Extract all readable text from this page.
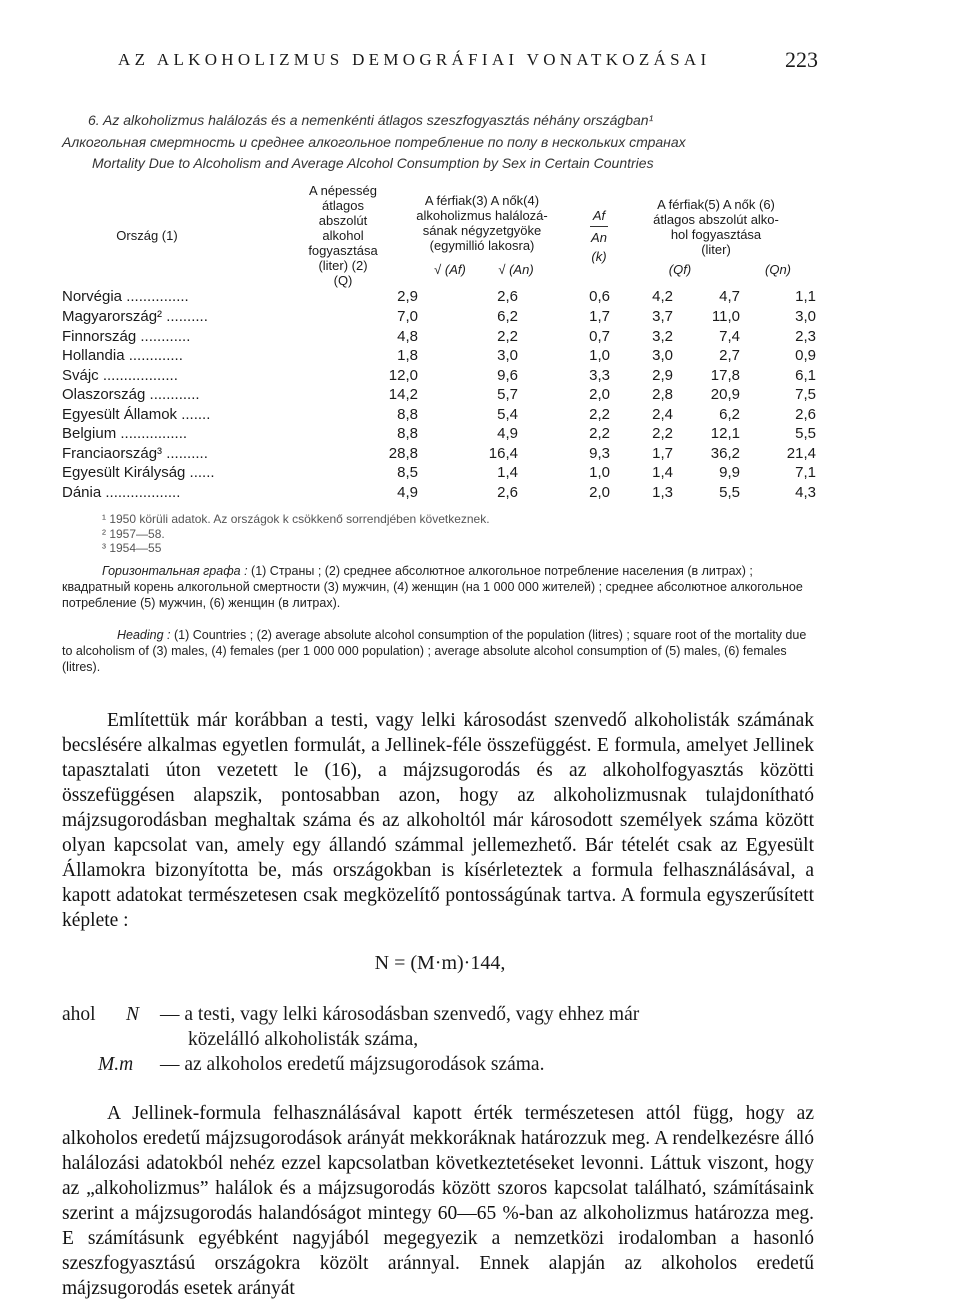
AZ ALKOHOLIZMUS DEMOGRÁFIAI VONATKOZÁSAI	223
6. Az alkoholizmus halálozás és a nemenkénti átlagos szeszfogyasztás néhány országban¹
Алкогольная смертность и среднее алкогольное потребление по полу в нескольких странах
Mortality Due to Alcoholism and Average Alcohol Consumption by Sex in Certain Countries
Ország (1)
A népesség
átlagos
abszolút
alkohol
fogyasztása
(liter) (2)
(Q)
A férfiak(3) A nők(4)
alkoholizmus halálozá-
sának négyzetgyöke
(egymillió lakosra)
√ (Af)	√ (An)
Af
An
(k)
A férfiak(5) A nők (6)
átlagos abszolút alko-
hol fogyasztása
(liter)
(Qf)	(Qn)
Norvégia ...............	2,9	2,6	0,6	4,2	4,7	1,1
Magyarország² ..........	7,0	6,2	1,7	3,7	11,0	3,0
Finnország ............	4,8	2,2	0,7	3,2	7,4	2,3
Hollandia .............	1,8	3,0	1,0	3,0	2,7	0,9
Svájc ..................	12,0	9,6	3,3	2,9	17,8	6,1
Olaszország ............	14,2	5,7	2,0	2,8	20,9	7,5
Egyesült Államok .......	8,8	5,4	2,2	2,4	6,2	2,6
Belgium ................	8,8	4,9	2,2	2,2	12,1	5,5
Franciaország³ ..........	28,8	16,4	9,3	1,7	36,2	21,4
Egyesült Királyság ......	8,5	1,4	1,0	1,4	9,9	7,1
Dánia ..................	4,9	2,6	2,0	1,3	5,5	4,3
¹ 1950 körüli adatok. Az országok k csökkenő sorrendjében következnek.
² 1957—58.
³ 1954—55
Горизонтальная графа : (1) Страны ; (2) среднее абсолютное алкогольное потребление населения (в литрах) ; квадратный корень алкогольной смертности (3) мужчин, (4) женщин (на 1 000 000 жителей) ; среднее абсолютное алкогольное потребление (5) мужчин, (6) женщин (в литрах).
Heading : (1) Countries ; (2) average absolute alcohol consumption of the population (litres) ; square root of the mortality due to alcoholism of (3) males, (4) females (per 1 000 000 population) ; average absolute alcohol consumption of (5) males, (6) females (litres).

Említettük már korábban a testi, vagy lelki károsodást szenvedő alkoholisták számának becslésére alkalmas egyetlen formulát, a Jellinek-féle összefüggést. E formula, amelyet Jellinek tapasztalati úton vezetett le (16), a májzsugorodás és az alkoholfogyasztás közötti összefüggésen alapszik, pontosabban azon, hogy az alkoholizmusnak tulajdonítható májzsugorodásban meghaltak száma és az alkoholtól már károsodott személyek száma között olyan kapcsolat van, amely egy állandó számmal jellemezhető. Bár tételét csak az Egyesült Államokra bizonyította be, más országokban is kísérleteztek a formula felhasználásával, a kapott adatokat természetesen csak megközelítő pontosságúnak tartva. A formula egyszerűsített képlete :

N = (M·m)·144,
ahol N — a testi, vagy lelki károsodásban szenvedő, vagy ehhez már
közelálló alkoholisták száma,
M.m — az alkoholos eredetű májzsugorodások száma.

A Jellinek-formula felhasználásával kapott érték természetesen attól függ, hogy az alkoholos eredetű májzsugorodások arányát mekkoráknak határozzuk meg. A rendelkezésre álló halálozási adatokból nehéz ezzel kapcsolatban következtetéseket levonni. Láttuk viszont, hogy az „alkoholizmus” halálok és a májzsugorodás között szoros kapcsolat található, számításaink szerint a májzsugorodás halandóságot mintegy 60—65 %-ban az alkoholizmus határozza meg. E számításunk egyébként nagyjából megegyezik a nemzetközi irodalomban a hasonló szeszfogyasztású országokra közölt aránnyal. Ennek alapján az alkoholos eredetű májzsugorodás esetek arányát
